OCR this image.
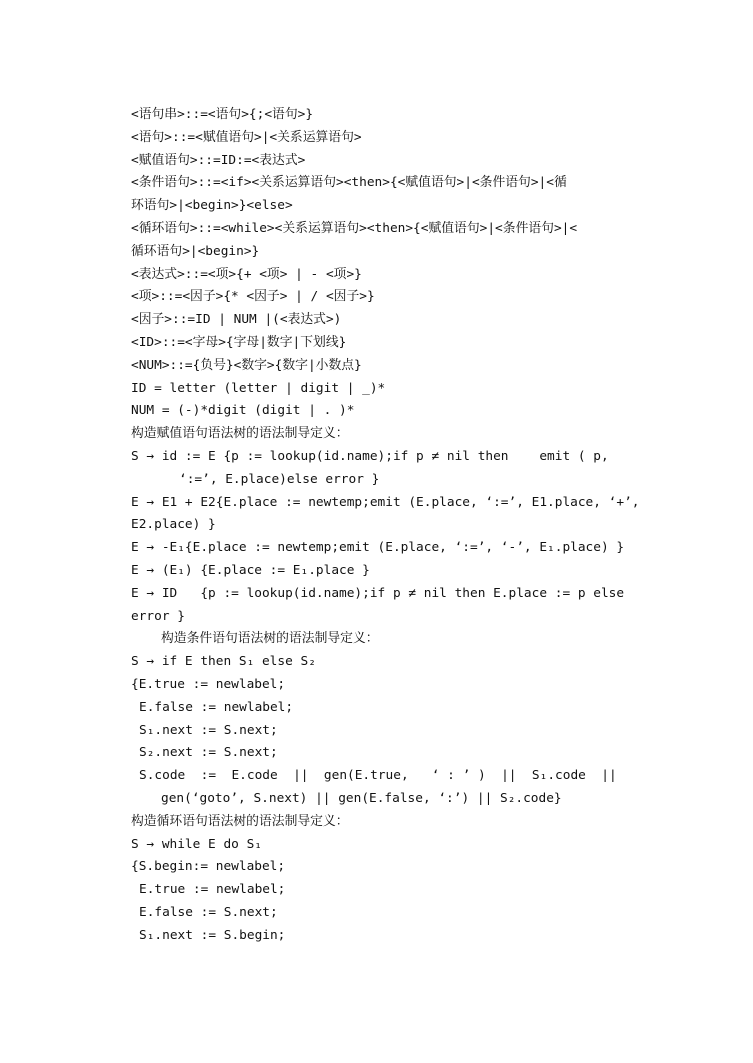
<语句串>::=<语句>{;<语句>}
<语句>::=<赋值语句>|<关系运算语句>
<赋值语句>::=ID:=<表达式>
<条件语句>::=<if><关系运算语句><then>{<赋值语句>|<条件语句>|<循
环语句>|<begin>}<else>
<循环语句>::=<while><关系运算语句><then>{<赋值语句>|<条件语句>|<
循环语句>|<begin>}
<表达式>::=<项>{+ <项> | - <项>}
<项>::=<因子>{* <因子> | / <因子>}
<因子>::=ID | NUM |(<表达式>)
<ID>::=<字母>{字母|数字|下划线}
<NUM>::={负号}<数字>{数字|小数点}
ID = letter (letter | digit | _)*
NUM = (-)*digit (digit | . )*
构造赋值语句语法树的语法制导定义：
S → id := E {p := lookup(id.name);if p ≠ nil then    emit ( p,
‘:=’, E.place)else error }
E → E1 + E2{E.place := newtemp;emit (E.place, ‘:=’, E1.place, ‘+’,
E2.place) }
E → -E₁{E.place := newtemp;emit (E.place, ‘:=’, ‘-’, E₁.place) }
E → (E₁) {E.place := E₁.place }
E → ID   {p := lookup(id.name);if p ≠ nil then E.place := p else
error }
构造条件语句语法树的语法制导定义：
S → if E then S₁ else S₂
{E.true := newlabel;
E.false := newlabel;
S₁.next := S.next;
S₂.next := S.next;
S.code  :=  E.code  ||  gen(E.true,   ‘ : ’ )  ||  S₁.code  ||
gen(‘goto’, S.next) || gen(E.false, ‘:’) || S₂.code}
构造循环语句语法树的语法制导定义：
S → while E do S₁
{S.begin:= newlabel;
E.true := newlabel;
E.false := S.next;
S₁.next := S.begin;
